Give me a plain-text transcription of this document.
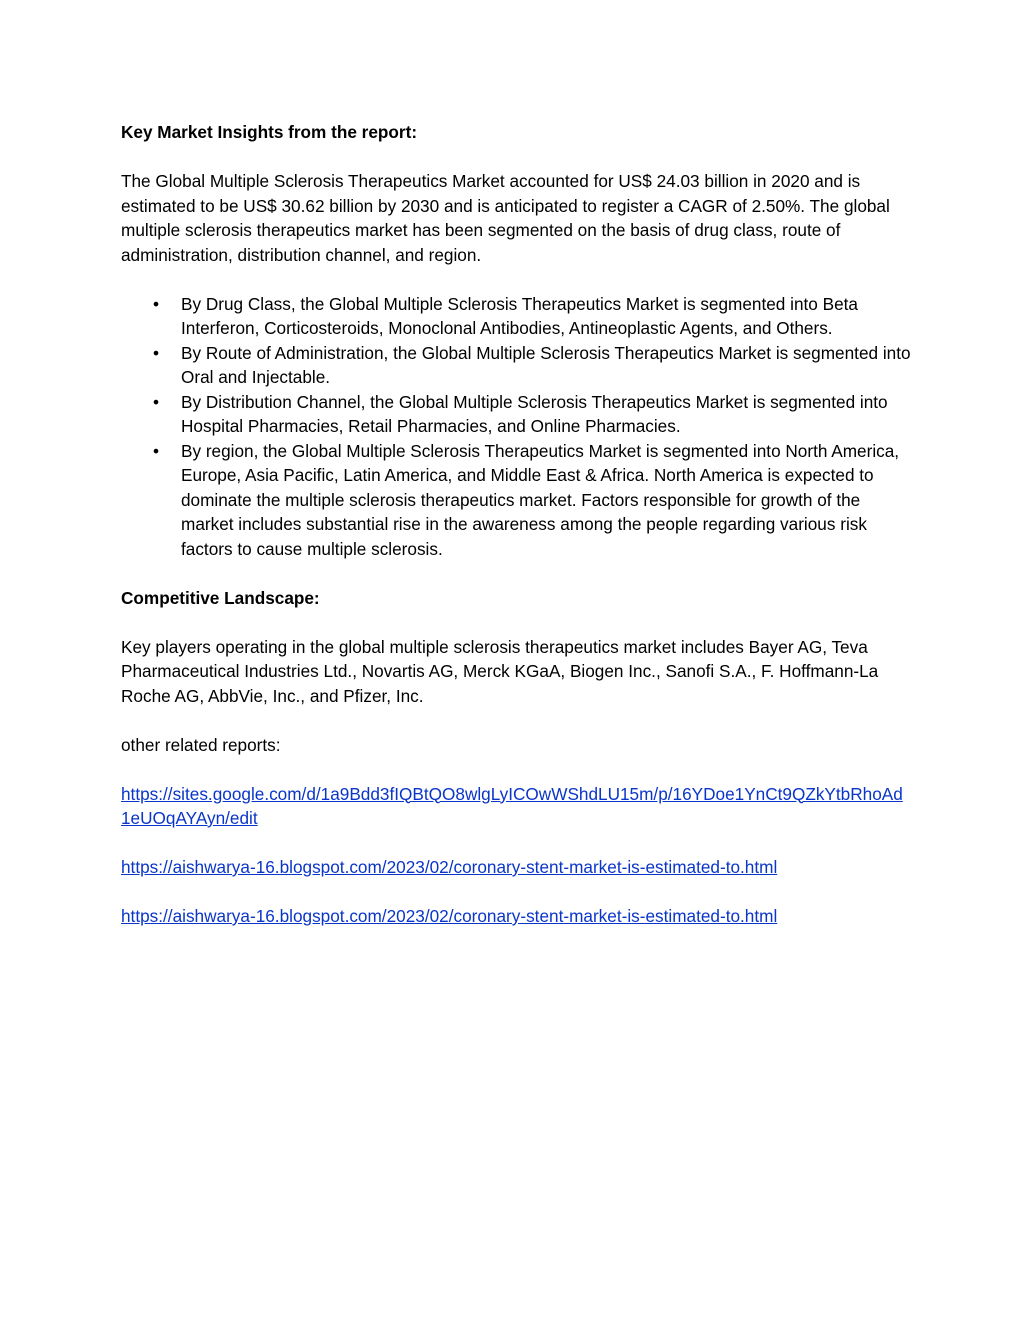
Key Market Insights from the report:

The Global Multiple Sclerosis Therapeutics Market accounted for US$ 24.03 billion in 2020 and is estimated to be US$ 30.62 billion by 2030 and is anticipated to register a CAGR of 2.50%. The global multiple sclerosis therapeutics market has been segmented on the basis of drug class, route of administration, distribution channel, and region.

• By Drug Class, the Global Multiple Sclerosis Therapeutics Market is segmented into Beta Interferon, Corticosteroids, Monoclonal Antibodies, Antineoplastic Agents, and Others.
• By Route of Administration, the Global Multiple Sclerosis Therapeutics Market is segmented into Oral and Injectable.
• By Distribution Channel, the Global Multiple Sclerosis Therapeutics Market is segmented into Hospital Pharmacies, Retail Pharmacies, and Online Pharmacies.
• By region, the Global Multiple Sclerosis Therapeutics Market is segmented into North America, Europe, Asia Pacific, Latin America, and Middle East & Africa. North America is expected to dominate the multiple sclerosis therapeutics market. Factors responsible for growth of the market includes substantial rise in the awareness among the people regarding various risk factors to cause multiple sclerosis.

Competitive Landscape:

Key players operating in the global multiple sclerosis therapeutics market includes Bayer AG, Teva Pharmaceutical Industries Ltd., Novartis AG, Merck KGaA, Biogen Inc., Sanofi S.A., F. Hoffmann-La Roche AG, AbbVie, Inc., and Pfizer, Inc.

other related reports:

https://sites.google.com/d/1a9Bdd3fIQBtQO8wlgLyICOwWShdLU15m/p/16YDoe1YnCt9QZkYtbRhoAd1eUOqAYAyn/edit

https://aishwarya-16.blogspot.com/2023/02/coronary-stent-market-is-estimated-to.html

https://aishwarya-16.blogspot.com/2023/02/coronary-stent-market-is-estimated-to.html
